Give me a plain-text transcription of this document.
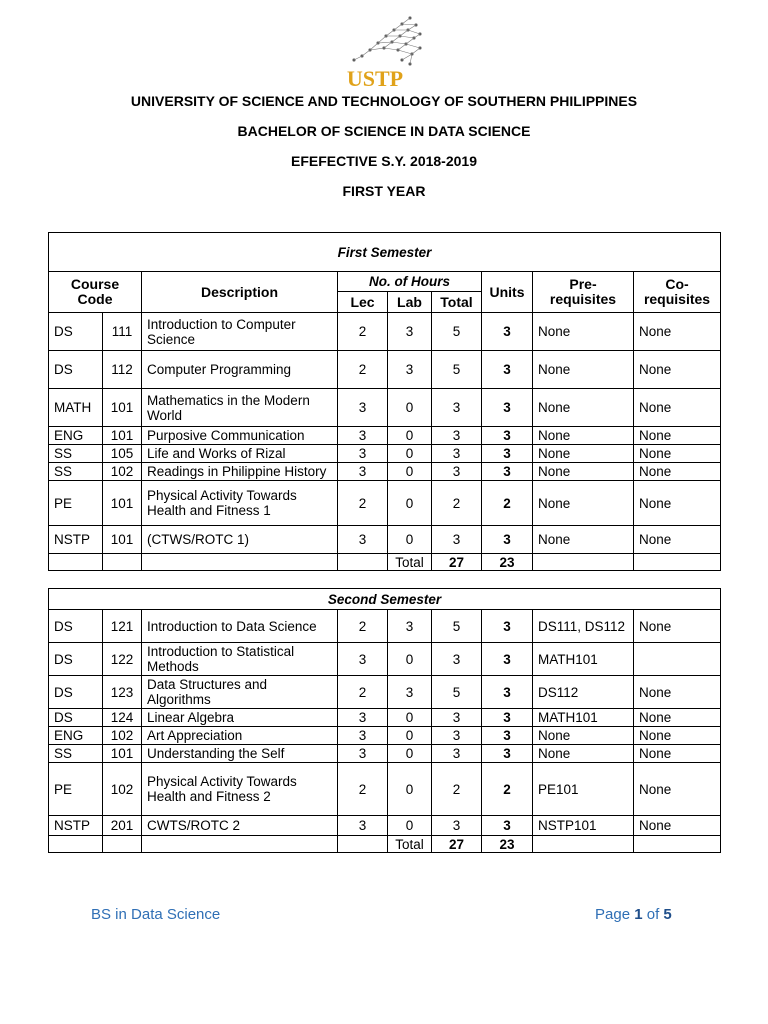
USTP
UNIVERSITY OF SCIENCE AND TECHNOLOGY OF SOUTHERN PHILIPPINES
BACHELOR OF SCIENCE IN DATA SCIENCE
EFEFECTIVE S.Y. 2018-2019
FIRST YEAR
First Semester								
Course Code		Description	No. of Hours			Units	Pre-requisites	Co-requisites
			Lec	Lab	Total			
DS	111	Introduction to Computer Science	2	3	5	3	None	None
DS	112	Computer Programming	2	3	5	3	None	None
MATH	101	Mathematics in the Modern World	3	0	3	3	None	None
ENG	101	Purposive Communication	3	0	3	3	None	None
SS	105	Life and Works of Rizal	3	0	3	3	None	None
SS	102	Readings in Philippine History	3	0	3	3	None	None
PE	101	Physical Activity Towards Health and Fitness 1	2	0	2	2	None	None
NSTP	101	(CTWS/ROTC 1)	3	0	3	3	None	None
				Total	27	23		
Second Semester								
DS	121	Introduction to Data Science	2	3	5	3	DS111, DS112	None
DS	122	Introduction to Statistical Methods	3	0	3	3	MATH101	
DS	123	Data Structures and Algorithms	2	3	5	3	DS112	None
DS	124	Linear Algebra	3	0	3	3	MATH101	None
ENG	102	Art Appreciation	3	0	3	3	None	None
SS	101	Understanding the Self	3	0	3	3	None	None
PE	102	Physical Activity Towards Health and Fitness 2	2	0	2	2	PE101	None
NSTP	201	CWTS/ROTC 2	3	0	3	3	NSTP101	None
				Total	27	23		
BS in Data Science	Page 1 of 5
